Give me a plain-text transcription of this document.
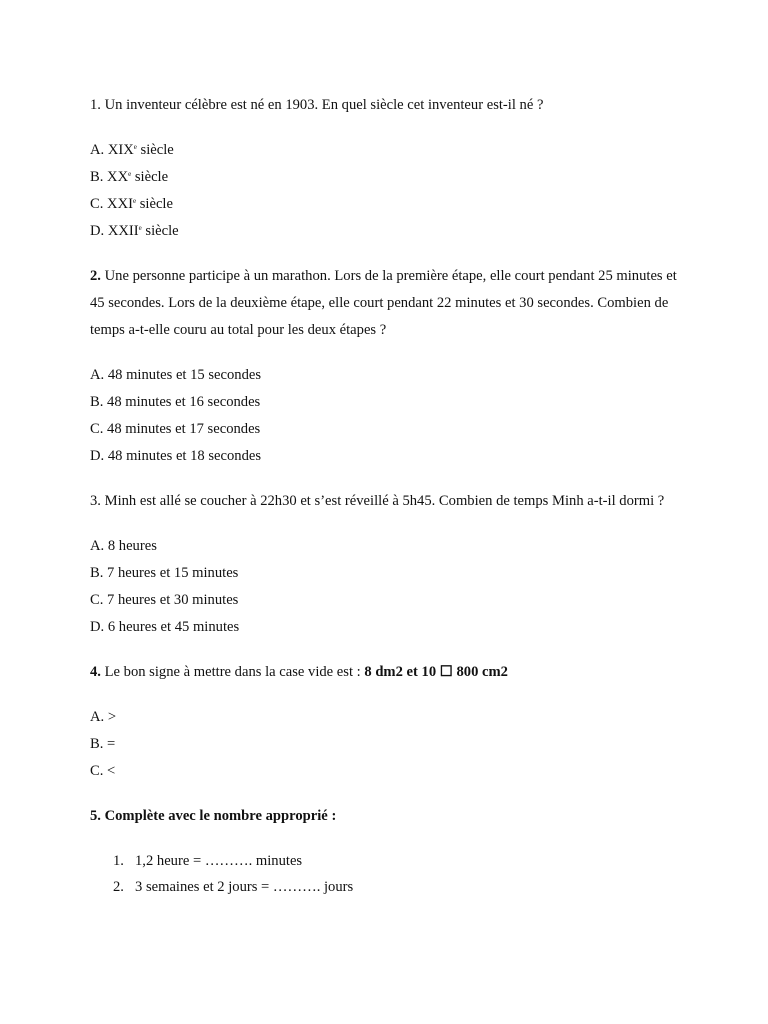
1. Un inventeur célèbre est né en 1903. En quel siècle cet inventeur est-il né ?
A. XIXe siècle
B. XXe siècle
C. XXIe siècle
D. XXIIe siècle
2. Une personne participe à un marathon. Lors de la première étape, elle court pendant 25 minutes et 45 secondes. Lors de la deuxième étape, elle court pendant 22 minutes et 30 secondes. Combien de temps a-t-elle couru au total pour les deux étapes ?
A. 48 minutes et 15 secondes
B. 48 minutes et 16 secondes
C. 48 minutes et 17 secondes
D. 48 minutes et 18 secondes
3. Minh est allé se coucher à 22h30 et s’est réveillé à 5h45. Combien de temps Minh a-t-il dormi ?
A. 8 heures
B. 7 heures et 15 minutes
C. 7 heures et 30 minutes
D. 6 heures et 45 minutes
4. Le bon signe à mettre dans la case vide est : 8 dm2 et 10 ☐ 800 cm2
A. >
B. =
C. <
5. Complète avec le nombre approprié :
1. 1,2 heure = ………. minutes
2. 3 semaines et 2 jours = ………. jours
